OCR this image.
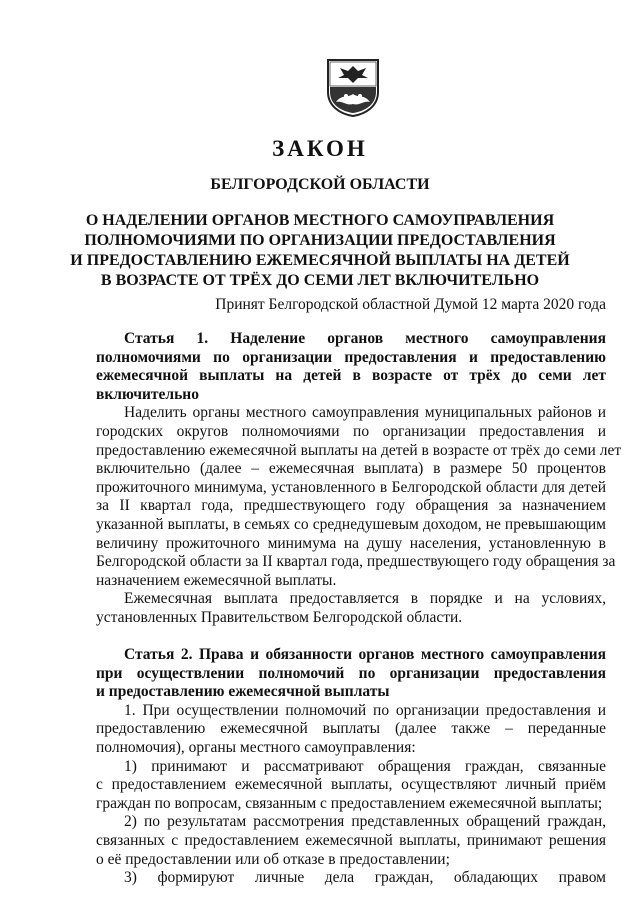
ЗАКОН
БЕЛГОРОДСКОЙ ОБЛАСТИ
О НАДЕЛЕНИИ ОРГАНОВ МЕСТНОГО САМОУПРАВЛЕНИЯ
ПОЛНОМОЧИЯМИ ПО ОРГАНИЗАЦИИ ПРЕДОСТАВЛЕНИЯ
И ПРЕДОСТАВЛЕНИЮ ЕЖЕМЕСЯЧНОЙ ВЫПЛАТЫ НА ДЕТЕЙ
В ВОЗРАСТЕ ОТ ТРЁХ ДО СЕМИ ЛЕТ ВКЛЮЧИТЕЛЬНО
Принят Белгородской областной Думой 12 марта 2020 года
Статья 1. Наделение органов местного самоуправления
полномочиями по организации предоставления и предоставлению
ежемесячной выплаты на детей в возрасте от трёх до семи лет
включительно
Наделить органы местного самоуправления муниципальных районов и
городских округов полномочиями по организации предоставления и
предоставлению ежемесячной выплаты на детей в возрасте от трёх до семи лет
включительно (далее – ежемесячная выплата) в размере 50 процентов
прожиточного минимума, установленного в Белгородской области для детей
за II квартал года, предшествующего году обращения за назначением
указанной выплаты, в семьях со среднедушевым доходом, не превышающим
величину прожиточного минимума на душу населения, установленную в
Белгородской области за II квартал года, предшествующего году обращения за
назначением ежемесячной выплаты.
Ежемесячная выплата предоставляется в порядке и на условиях,
установленных Правительством Белгородской области.
Статья 2. Права и обязанности органов местного самоуправления
при осуществлении полномочий по организации предоставления
и предоставлению ежемесячной выплаты
1. При осуществлении полномочий по организации предоставления и
предоставлению ежемесячной выплаты (далее также – переданные
полномочия), органы местного самоуправления:
1) принимают и рассматривают обращения граждан, связанные
с предоставлением ежемесячной выплаты, осуществляют личный приём
граждан по вопросам, связанным с предоставлением ежемесячной выплаты;
2) по результатам рассмотрения представленных обращений граждан,
связанных с предоставлением ежемесячной выплаты, принимают решения
о её предоставлении или об отказе в предоставлении;
3) формируют личные дела граждан, обладающих правом
